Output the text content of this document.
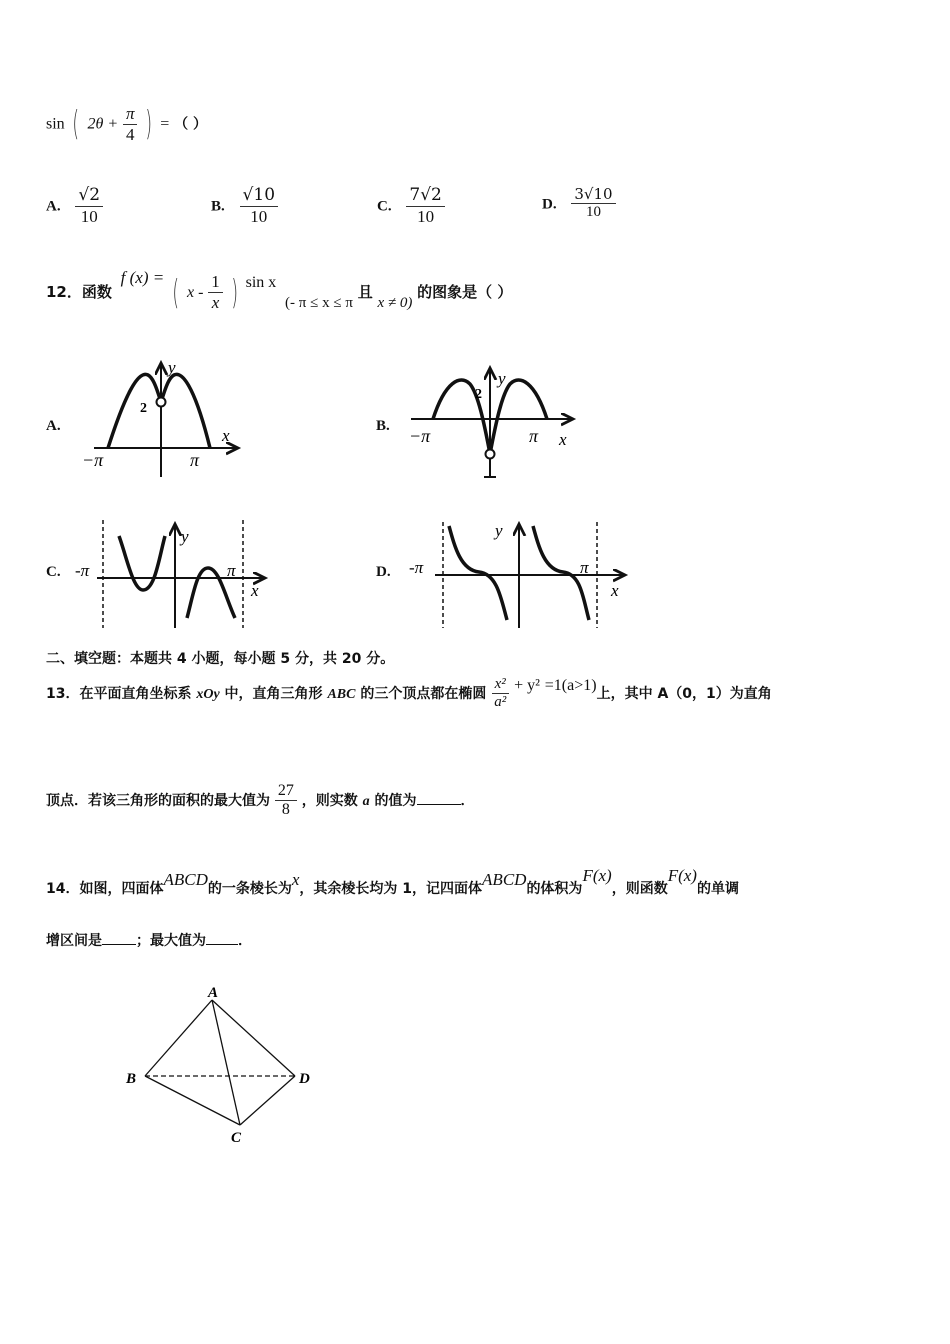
sin ( $2\theta + \frac{\pi}{4}$ ) = （ ）
A. $\frac{√2}{10}$	B. $\frac{√10}{10}$	C. $\frac{7√2}{10}$	D. $\frac{3√10}{10}$
12．函数 f (x) = ( x - $\frac{1}{x}$ ) sin x (- π ≤ x ≤ π 且 x ≠ 0) 的图象是（ ）
A.	B.
C.	D.
y
x
2
−π	π
y
x
2
−π	π
y
x
-π	π
y
x
-π	π
二、填空题：本题共 4 小题，每小题 5 分，共 20 分。
13．在平面直角坐标系 xOy 中，直角三角形 ABC 的三个顶点都在椭圆 $\frac{\text{x²}}{\text{a²}} + y^2 =1(a>1)$上，其中 A（0，1）为直角
顶点．若该三角形的面积的最大值为 $\frac{27}{8}$ ，则实数 a 的值为	．
14．如图，四面体ABCD的一条棱长为x，其余棱长均为 1，记四面体ABCD的体积为F(x)，则函数F(x)的单调
增区间是 ；最大值为 ．
A
B
C
D
